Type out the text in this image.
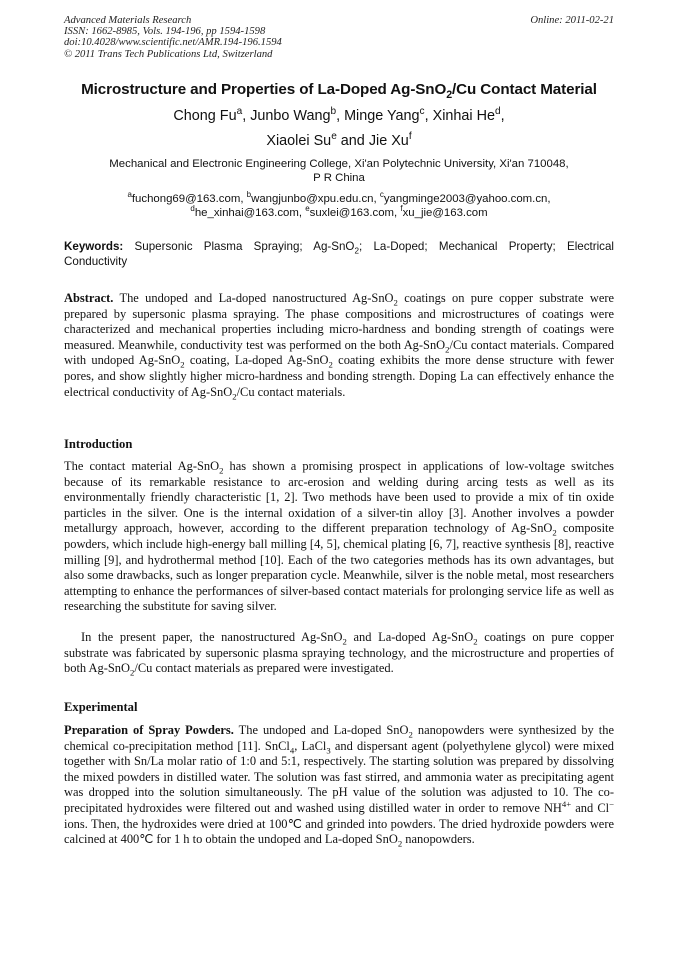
Advanced Materials Research
ISSN: 1662-8985, Vols. 194-196, pp 1594-1598
doi:10.4028/www.scientific.net/AMR.194-196.1594
© 2011 Trans Tech Publications Ltd, Switzerland
Online: 2011-02-21
Microstructure and Properties of La-Doped Ag-SnO$_2$/Cu Contact Material
Chong Fu$^a$, Junbo Wang$^b$, Minge Yang$^c$, Xinhai He$^d$,
Xiaolei Su$^e$ and Jie Xu$^f$
Mechanical and Electronic Engineering College, Xi'an Polytechnic University, Xi'an 710048,
P R China
$^a$fuchong69@163.com, $^b$wangjunbo@xpu.edu.cn, $^c$yangminge2003@yahoo.com.cn,
$^d$he_xinhai@163.com, $^e$suxlei@163.com, $^f$xu_jie@163.com
Keywords: Supersonic Plasma Spraying; Ag-SnO$_2$; La-Doped; Mechanical Property; Electrical Conductivity
Abstract. The undoped and La-doped nanostructured Ag-SnO$_2$ coatings on pure copper substrate were prepared by supersonic plasma spraying. The phase compositions and microstructures of coatings were characterized and mechanical properties including micro-hardness and bonding strength of coatings were measured. Meanwhile, conductivity test was performed on the both Ag-SnO$_2$/Cu contact materials. Compared with undoped Ag-SnO$_2$ coating, La-doped Ag-SnO$_2$ coating exhibits the more dense structure with fewer pores, and show slightly higher micro-hardness and bonding strength. Doping La can effectively enhance the electrical conductivity of Ag-SnO$_2$/Cu contact materials.
Introduction
The contact material Ag-SnO$_2$ has shown a promising prospect in applications of low-voltage switches because of its remarkable resistance to arc-erosion and welding during arcing tests as well as its environmentally friendly characteristic [1, 2]. Two methods have been used to provide a mix of tin oxide particles in the silver. One is the internal oxidation of a silver-tin alloy [3]. Another involves a powder metallurgy approach, however, according to the different preparation technology of Ag-SnO$_2$ composite powders, which include high-energy ball milling [4, 5], chemical plating [6, 7], reactive synthesis [8], reactive milling [9], and hydrothermal method [10]. Each of the two categories methods has its own advantages, but also some drawbacks, such as longer preparation cycle. Meanwhile, silver is the noble metal, most researchers attempting to enhance the performances of silver-based contact materials for prolonging service life as well as researching the substitute for saving silver.
In the present paper, the nanostructured Ag-SnO$_2$ and La-doped Ag-SnO$_2$ coatings on pure copper substrate was fabricated by supersonic plasma spraying technology, and the microstructure and properties of both Ag-SnO$_2$/Cu contact materials as prepared were investigated.
Experimental
Preparation of Spray Powders. The undoped and La-doped SnO$_2$ nanopowders were synthesized by the chemical co-precipitation method [11]. SnCl$_4$, LaCl$_3$ and dispersant agent (polyethylene glycol) were mixed together with Sn/La molar ratio of 1:0 and 5:1, respectively. The starting solution was prepared by dissolving the mixed powders in distilled water. The solution was fast stirred, and ammonia water as precipitating agent was dropped into the solution simultaneously. The pH value of the solution was adjusted to 10. The co-precipitated hydroxides were filtered out and washed using distilled water in order to remove $NH^{4+}$ and Cl− ions. Then, the hydroxides were dried at 100℃ and grinded into powders. The dried hydroxide powders were calcined at 400℃ for 1 h to obtain the undoped and La-doped SnO$_2$ nanopowders.
